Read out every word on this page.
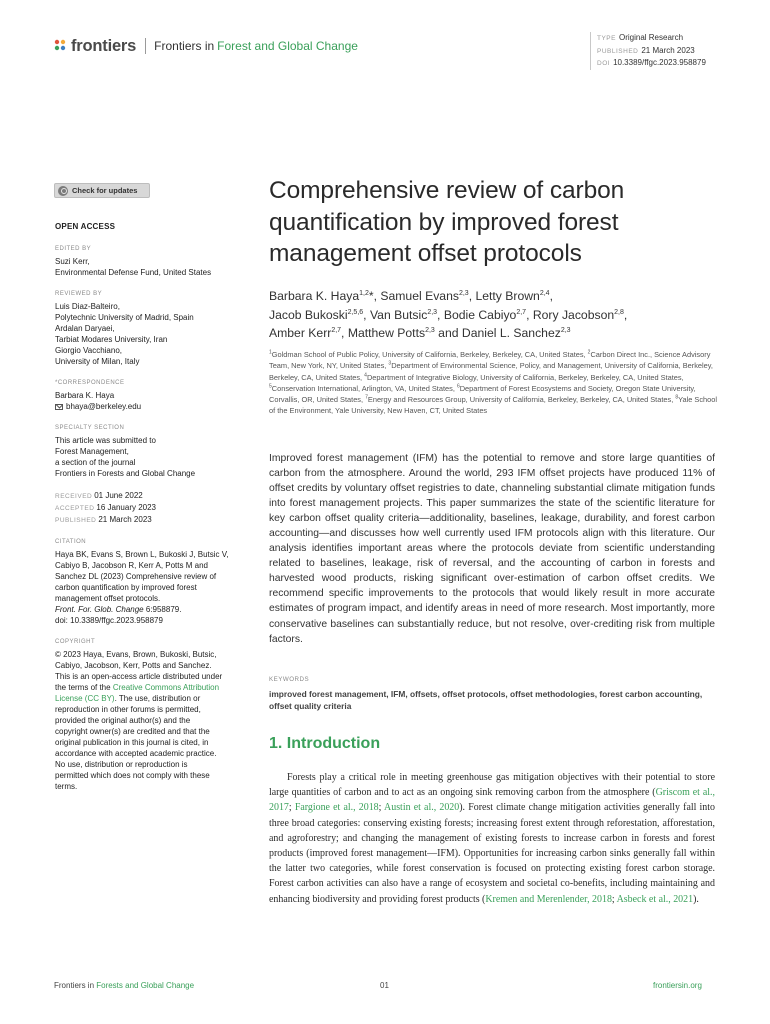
frontiers Frontiers in Forest and Global Change
TYPE Original Research
PUBLISHED 21 March 2023
DOI 10.3389/ffgc.2023.958879
Check for updates
OPEN ACCESS
EDITED BY
Suzi Kerr,
Environmental Defense Fund, United States
REVIEWED BY
Luis Diaz-Balteiro,
Polytechnic University of Madrid, Spain
Ardalan Daryaei,
Tarbiat Modares University, Iran
Giorgio Vacchiano,
University of Milan, Italy
*CORRESPONDENCE
Barbara K. Haya
bhaya@berkeley.edu
SPECIALTY SECTION
This article was submitted to
Forest Management,
a section of the journal
Frontiers in Forests and Global Change
RECEIVED 01 June 2022
ACCEPTED 16 January 2023
PUBLISHED 21 March 2023
CITATION
Haya BK, Evans S, Brown L, Bukoski J, Butsic V,
Cabiyo B, Jacobson R, Kerr A, Potts M and
Sanchez DL (2023) Comprehensive review of
carbon quantification by improved forest
management offset protocols.
Front. For. Glob. Change 6:958879.
doi: 10.3389/ffgc.2023.958879
COPYRIGHT
© 2023 Haya, Evans, Brown, Bukoski, Butsic,
Cabiyo, Jacobson, Kerr, Potts and Sanchez.
This is an open-access article distributed under
the terms of the Creative Commons Attribution
License (CC BY). The use, distribution or
reproduction in other forums is permitted,
provided the original author(s) and the
copyright owner(s) are credited and that the
original publication in this journal is cited, in
accordance with accepted academic practice.
No use, distribution or reproduction is
permitted which does not comply with these
terms.
Comprehensive review of carbon quantification by improved forest management offset protocols
Barbara K. Haya$^{1,2}$*, Samuel Evans$^{2,3}$, Letty Brown$^{2,4}$,
Jacob Bukoski$^{2,5,6}$, Van Butsic$^{2,3}$, Bodie Cabiyo$^{2,7}$, Rory Jacobson$^{2,8}$,
Amber Kerr$^{2,7}$, Matthew Potts$^{2,3}$ and Daniel L. Sanchez$^{2,3}$
$^1$Goldman School of Public Policy, University of California, Berkeley, Berkeley, CA, United States, $^2$Carbon Direct Inc., Science Advisory Team, New York, NY, United States, $^3$Department of Environmental Science, Policy, and Management, University of California, Berkeley, Berkeley, CA, United States, $^4$Department of Integrative Biology, University of California, Berkeley, Berkeley, CA, United States, $^5$Conservation International, Arlington, VA, United States, $^6$Department of Forest Ecosystems and Society, Oregon State University, Corvallis, OR, United States, $^7$Energy and Resources Group, University of California, Berkeley, Berkeley, CA, United States, $^8$Yale School of the Environment, Yale University, New Haven, CT, United States

Improved forest management (IFM) has the potential to remove and store large quantities of carbon from the atmosphere. Around the world, 293 IFM offset projects have produced 11% of offset credits by voluntary offset registries to date, channeling substantial climate mitigation funds into forest management projects. This paper summarizes the state of the scientific literature for key carbon offset quality criteria—additionality, baselines, leakage, durability, and forest carbon accounting—and discusses how well currently used IFM protocols align with this literature. Our analysis identifies important areas where the protocols deviate from scientific understanding related to baselines, leakage, risk of reversal, and the accounting of carbon in forests and harvested wood products, risking significant over-estimation of carbon offset credits. We recommend specific improvements to the protocols that would likely result in more accurate estimates of program impact, and identify areas in need of more research. Most importantly, more conservative baselines can substantially reduce, but not resolve, over-crediting risk from multiple factors.

KEYWORDS
improved forest management, IFM, offsets, offset protocols, offset methodologies, forest carbon accounting, offset quality criteria
1. Introduction

Forests play a critical role in meeting greenhouse gas mitigation objectives with their potential to store large quantities of carbon and to act as an ongoing sink removing carbon from the atmosphere (Griscom et al., 2017; Fargione et al., 2018; Austin et al., 2020). Forest climate change mitigation activities generally fall into three broad categories: conserving existing forests; increasing forest extent through reforestation, afforestation, and agroforestry; and changing the management of existing forests to increase carbon in forests and forest products (improved forest management—IFM). Opportunities for increasing carbon sinks generally fall within the latter two categories, while forest conservation is focused on protecting existing forest carbon storage. Forest carbon activities can also have a range of ecosystem and societal co-benefits, including maintaining and enhancing biodiversity and providing forest products (Kremen and Merenlender, 2018; Asbeck et al., 2021).

Frontiers in Forests and Global Change	01	frontiersin.org
